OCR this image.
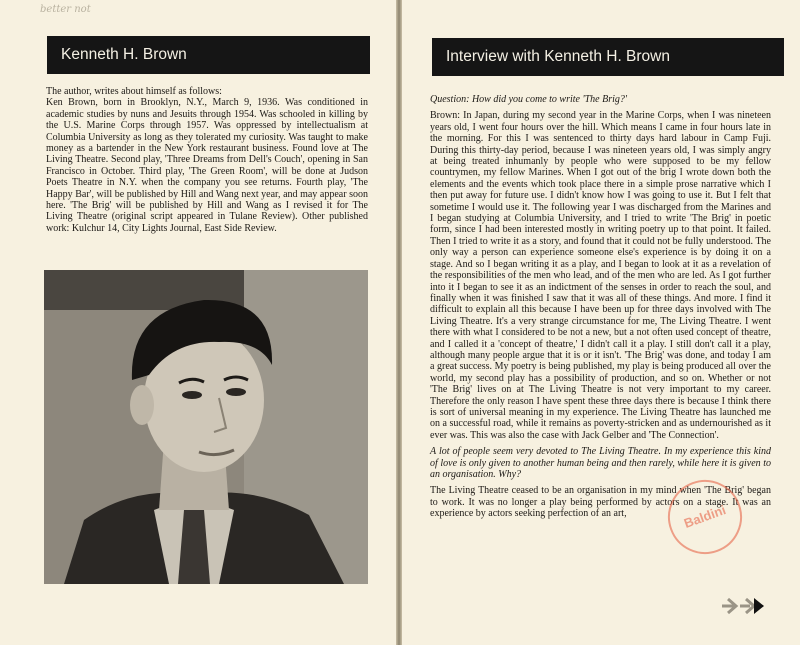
better not
Kenneth H. Brown

The author, writes about himself as follows:
Ken Brown, born in Brooklyn, N.Y., March 9, 1936. Was conditioned in academic studies by nuns and Jesuits through 1954. Was schooled in killing by the U.S. Marine Corps through 1957. Was oppressed by intellectualism at Columbia University as long as they tolerated my curiosity. Was taught to make money as a bartender in the New York restaurant business. Found love at The Living Theatre. Second play, 'Three Dreams from Dell's Couch', opening in San Francisco in October. Third play, 'The Green Room', will be done at Judson Poets Theatre in N.Y. when the company you see returns. Fourth play, 'The Happy Bar', will be published by Hill and Wang next year, and may appear soon here. 'The Brig' will be published by Hill and Wang as I revised it for The Living Theatre (original script appeared in Tulane Review). Other published work: Kulchur 14, City Lights Journal, East Side Review.

Interview with Kenneth H. Brown

Question: How did you come to write 'The Brig?'

Brown: In Japan, during my second year in the Marine Corps, when I was nineteen years old, I went four hours over the hill. Which means I came in four hours late in the morning. For this I was sentenced to thirty days hard labour in Camp Fuji. During this thirty-day period, because I was nineteen years old, I was simply angry at being treated inhumanly by people who were supposed to be my fellow countrymen, my fellow Marines. When I got out of the brig I wrote down both the elements and the events which took place there in a simple prose narrative which I then put away for future use. I didn't know how I was going to use it. But I felt that sometime I would use it. The following year I was discharged from the Marines and I began studying at Columbia University, and I tried to write 'The Brig' in poetic form, since I had been interested mostly in writing poetry up to that point. It failed. Then I tried to write it as a story, and found that it could not be fully understood. The only way a person can experience someone else's experience is by doing it on a stage. And so I began writing it as a play, and I began to look at it as a revelation of the responsibilities of the men who lead, and of the men who are led. As I got further into it I began to see it as an indictment of the senses in order to reach the soul, and finally when it was finished I saw that it was all of these things. And more. I find it difficult to explain all this because I have been up for three days involved with The Living Theatre. It's a very strange circumstance for me, The Living Theatre. I went there with what I considered to be not a new, but a not often used concept of theatre, and I called it a 'concept of theatre,' I didn't call it a play. I still don't call it a play, although many people argue that it is or it isn't. 'The Brig' was done, and today I am a great success. My poetry is being published, my play is being produced all over the world, my second play has a possibility of production, and so on. Whether or not 'The Brig' lives on at The Living Theatre is not very important to my career. Therefore the only reason I have spent these three days there is because I think there is sort of universal meaning in my experience. The Living Theatre has launched me on a successful road, while it remains as poverty-stricken and as undernourished as it ever was. This was also the case with Jack Gelber and 'The Connection'.

A lot of people seem very devoted to The Living Theatre. In my experience this kind of love is only given to another human being and then rarely, while here it is given to an organisation. Why?

The Living Theatre ceased to be an organisation in my mind when 'The Brig' began to work. It was no longer a play being performed by actors on a stage. It was an experience by actors seeking perfection of an art,	Baldini
